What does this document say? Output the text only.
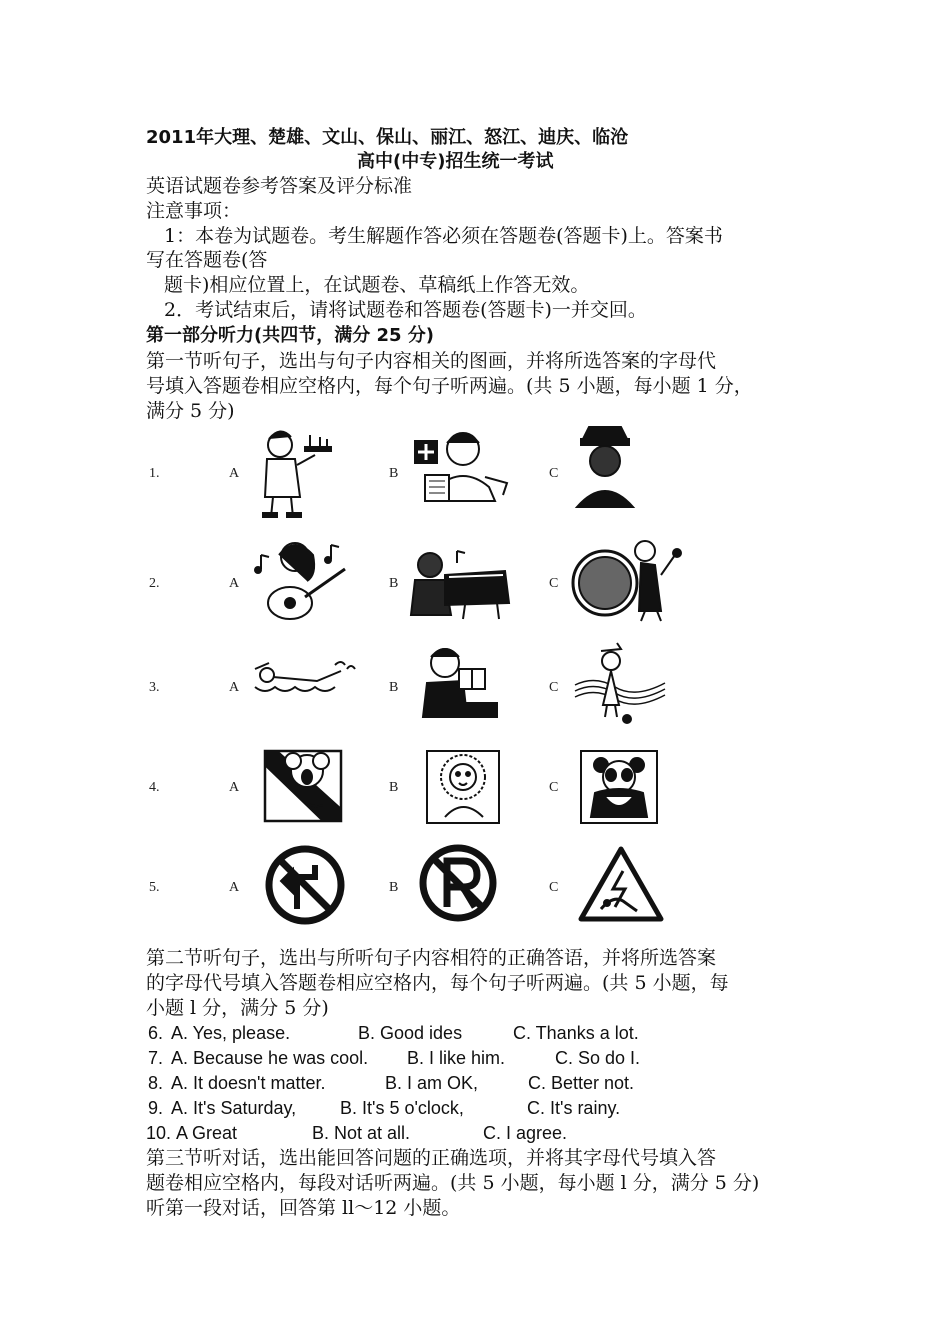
2011年大理、楚雄、文山、保山、丽江、怒江、迪庆、临沧
高中(中专)招生统一考试
英语试题卷参考答案及评分标准
注意事项：
1：本卷为试题卷。考生解题作答必须在答题卷(答题卡)上。答案书
写在答题卷(答
题卡)相应位置上，在试题卷、草稿纸上作答无效。
2．考试结束后，请将试题卷和答题卷(答题卡)一并交回。
第一部分听力(共四节，满分 25 分)
第一节听句子，选出与句子内容相关的图画，并将所选答案的字母代
号填入答题卷相应空格内，每个句子听两遍。(共 5 小题，每小题 1 分，
满分 5 分)
1.	A	B	C
2.	A	B	C
3.	A	B	C
4.	A	B	C
5.	A	B	C
第二节听句子，选出与所听句子内容相符的正确答语，并将所选答案
的字母代号填入答题卷相应空格内，每个句子听两遍。(共 5 小题，每
小题 l 分，满分 5 分)
6. A. Yes, please.	B. Good ides	C. Thanks a lot.
7. A. Because he was cool. B. I like him.	C. So do I.
8. A. It doesn't matter.	B. I am OK,	C. Better not.
9. A. It's Saturday, B. It's 5 o'clock,	C. It's rainy.
10. A Great	B. Not at all.	C. I agree.
第三节听对话，选出能回答问题的正确选项，并将其字母代号填入答
题卷相应空格内，每段对话听两遍。(共 5 小题，每小题 l 分，满分 5 分)
听第一段对话，回答第 ll～12 小题。
